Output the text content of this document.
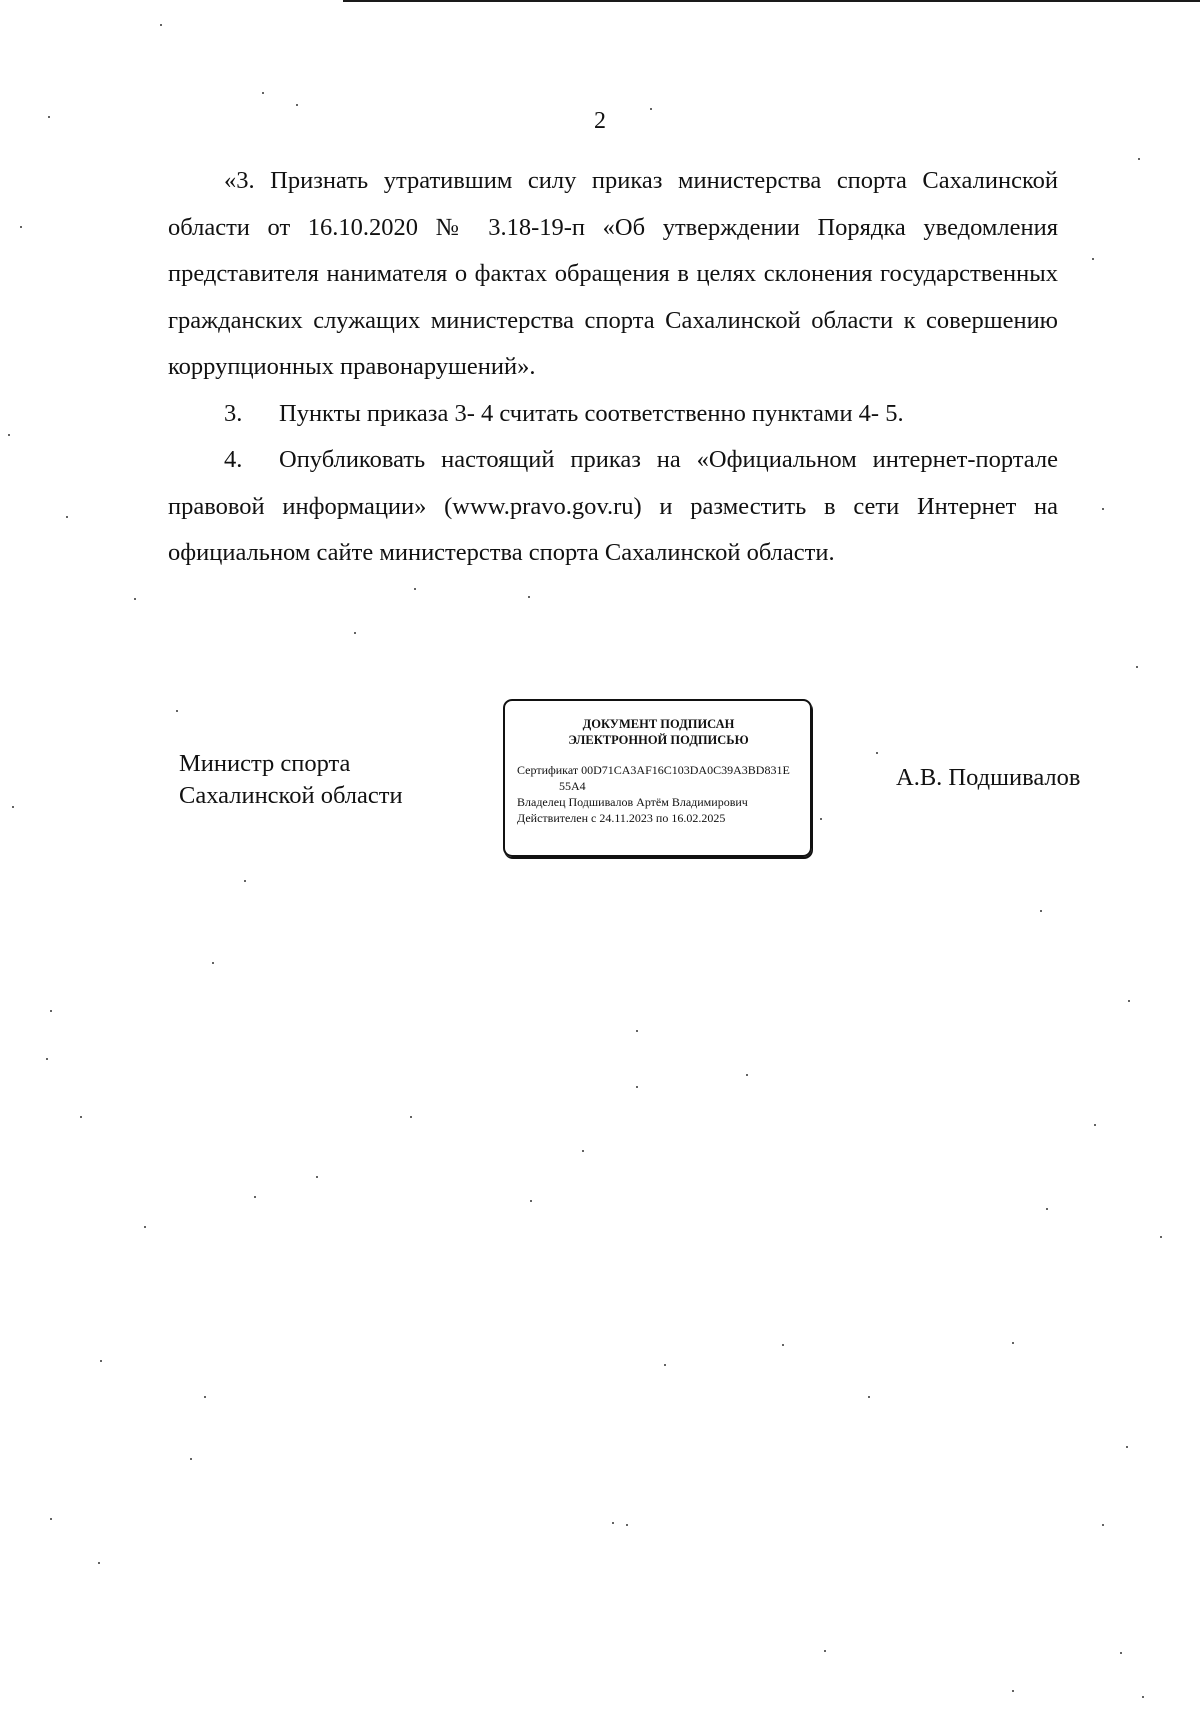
2

«3. Признать утратившим силу приказ министерства спорта Сахалинской области от 16.10.2020 № 3.18-19-п «Об утверждении Порядка уведомления представителя нанимателя о фактах обращения в целях склонения государственных гражданских служащих министерства спорта Сахалинской области к совершению коррупционных правонарушений».

3. Пункты приказа 3- 4 считать соответственно пунктами 4- 5.

4. Опубликовать настоящий приказ на «Официальном интернет-портале правовой информации» (www.pravo.gov.ru) и разместить в сети Интернет на официальном сайте министерства спорта Сахалинской области.

Министр спорта
Сахалинской области
ДОКУМЕНТ ПОДПИСАН
ЭЛЕКТРОННОЙ ПОДПИСЬЮ
Сертификат 00D71CA3AF16C103DA0C39A3BD831E
55A4
Владелец Подшивалов Артём Владимирович
Действителен с 24.11.2023 по 16.02.2025
А.В. Подшивалов
